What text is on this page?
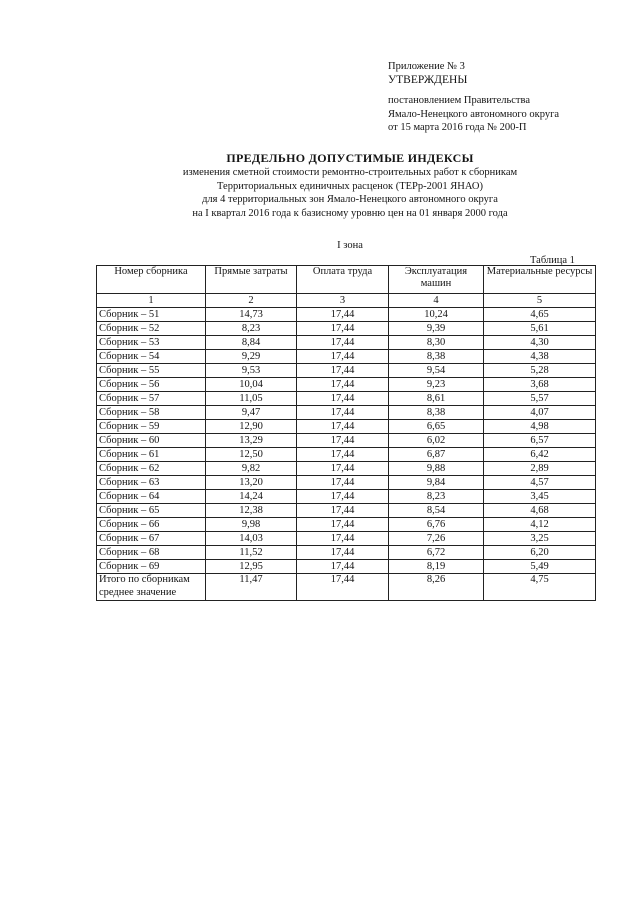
Приложение № 3
УТВЕРЖДЕНЫ
постановлением Правительства
Ямало-Ненецкого автономного округа
от 15 марта 2016 года № 200-П
ПРЕДЕЛЬНО ДОПУСТИМЫЕ ИНДЕКСЫ
изменения сметной стоимости ремонтно-строительных работ к сборникам
Территориальных единичных расценок (ТЕРр-2001 ЯНАО)
для 4 территориальных зон Ямало-Ненецкого автономного округа
на I квартал 2016 года к базисному уровню цен на 01 января 2000 года
I зона
Таблица 1
Номер сборника	Прямые затраты	Оплата труда	Эксплуатация машин	Материальные ресурсы
1	2	3	4	5
Сборник – 51	14,73	17,44	10,24	4,65
Сборник – 52	8,23	17,44	9,39	5,61
Сборник – 53	8,84	17,44	8,30	4,30
Сборник – 54	9,29	17,44	8,38	4,38
Сборник – 55	9,53	17,44	9,54	5,28
Сборник – 56	10,04	17,44	9,23	3,68
Сборник – 57	11,05	17,44	8,61	5,57
Сборник – 58	9,47	17,44	8,38	4,07
Сборник – 59	12,90	17,44	6,65	4,98
Сборник – 60	13,29	17,44	6,02	6,57
Сборник – 61	12,50	17,44	6,87	6,42
Сборник – 62	9,82	17,44	9,88	2,89
Сборник – 63	13,20	17,44	9,84	4,57
Сборник – 64	14,24	17,44	8,23	3,45
Сборник – 65	12,38	17,44	8,54	4,68
Сборник – 66	9,98	17,44	6,76	4,12
Сборник – 67	14,03	17,44	7,26	3,25
Сборник – 68	11,52	17,44	6,72	6,20
Сборник – 69	12,95	17,44	8,19	5,49
Итого по сборникам среднее значение	11,47	17,44	8,26	4,75
